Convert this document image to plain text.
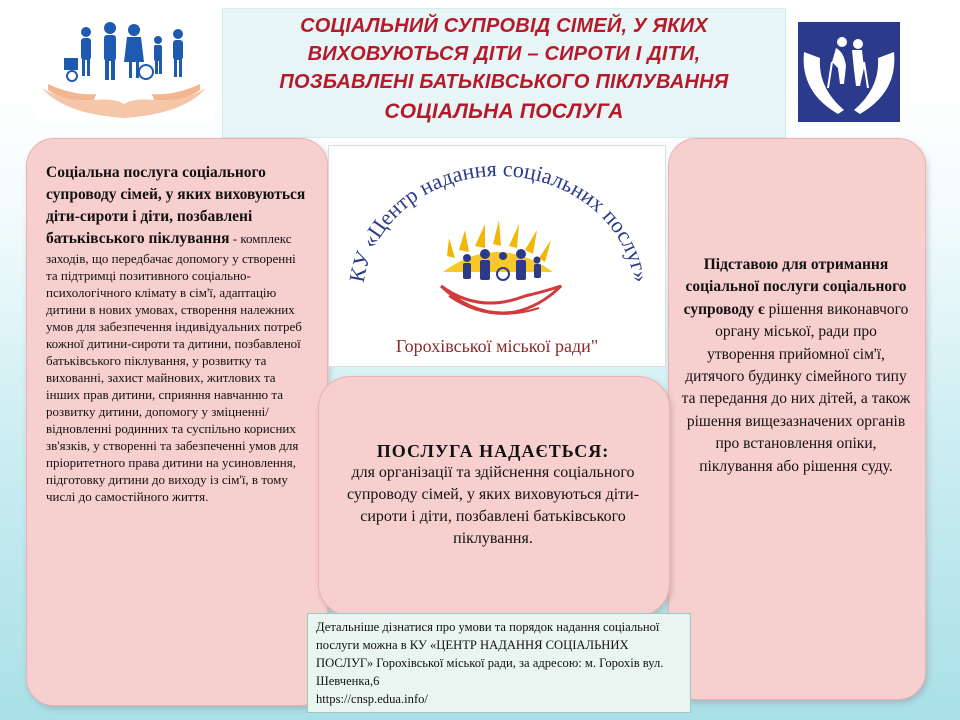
СОЦІАЛЬНИЙ СУПРОВІД СІМЕЙ, У ЯКИХ
ВИХОВУЮТЬСЯ ДІТИ – СИРОТИ І ДІТИ,
ПОЗБАВЛЕНІ БАТЬКІВСЬКОГО ПІКЛУВАННЯ
СОЦІАЛЬНА ПОСЛУГА
Соціальна послуга соціального супроводу сімей, у яких виховуються діти-сироти і діти, позбавлені батьківського піклування - комплекс заходів, що передбачає допомогу у створенні та підтримці позитивного соціально-психологічного клімату в сім'ї, адаптацію дитини в нових умовах, створення належних умов для забезпечення індивідуальних потреб кожної дитини-сироти та дитини, позбавленої батьківського піклування, у розвитку та вихованні, захист майнових, житлових та інших прав дитини, сприяння навчанню та розвитку дитини, допомогу у зміцненні/відновленні родинних та суспільно корисних зв'язків, у створенні та забезпеченні умов для пріоритетного права дитини на усиновлення, підготовку дитини до виходу із сім'ї, в тому числі до самостійного життя.
Підставою для отримання соціальної послуги соціального супроводу є рішення виконавчого органу міської, ради про утворення прийомної сім'ї, дитячого будинку сімейного типу та передання до них дітей, а також рішення вищезазначених органів про встановлення опіки, піклування або рішення суду.
КУ «Центр надання соціальних послуг»
Горохівської міської ради"
ПОСЛУГА НАДАЄТЬСЯ:
для організації та здійснення соціального супроводу сімей, у яких виховуються діти-сироти і діти, позбавлені батьківського піклування.
Детальніше дізнатися про умови та порядок надання соціальної послуги можна в КУ «ЦЕНТР НАДАННЯ СОЦІАЛЬНИХ ПОСЛУГ» Горохівської міської ради, за адресою: м. Горохів вул. Шевченка,6
https://cnsp.edua.info/
